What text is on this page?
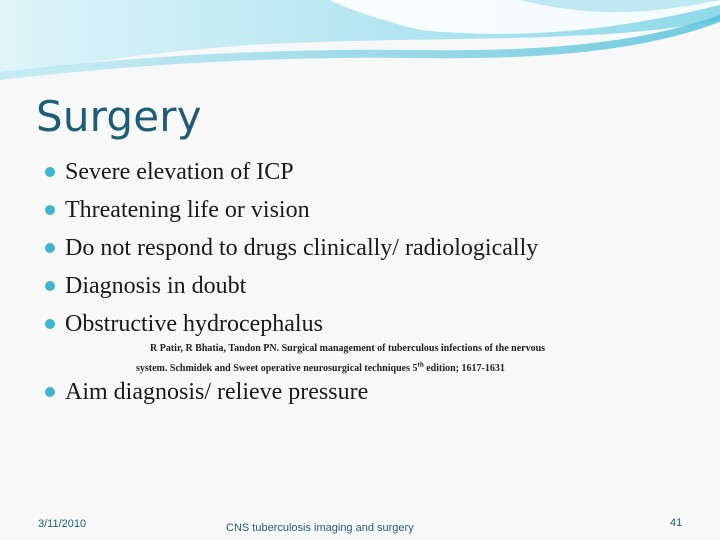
Surgery
Severe elevation of ICP
Threatening life or vision
Do not respond to drugs clinically/ radiologically
Diagnosis in doubt
Obstructive hydrocephalus
R Patir, R Bhatia, Tandon PN. Surgical management of tuberculous infections of the nervous
system. Schmidek and Sweet operative neurosurgical techniques 5th edition; 1617-1631
Aim diagnosis/ relieve pressure
3/11/2010	CNS tuberculosis imaging and surgery	41
